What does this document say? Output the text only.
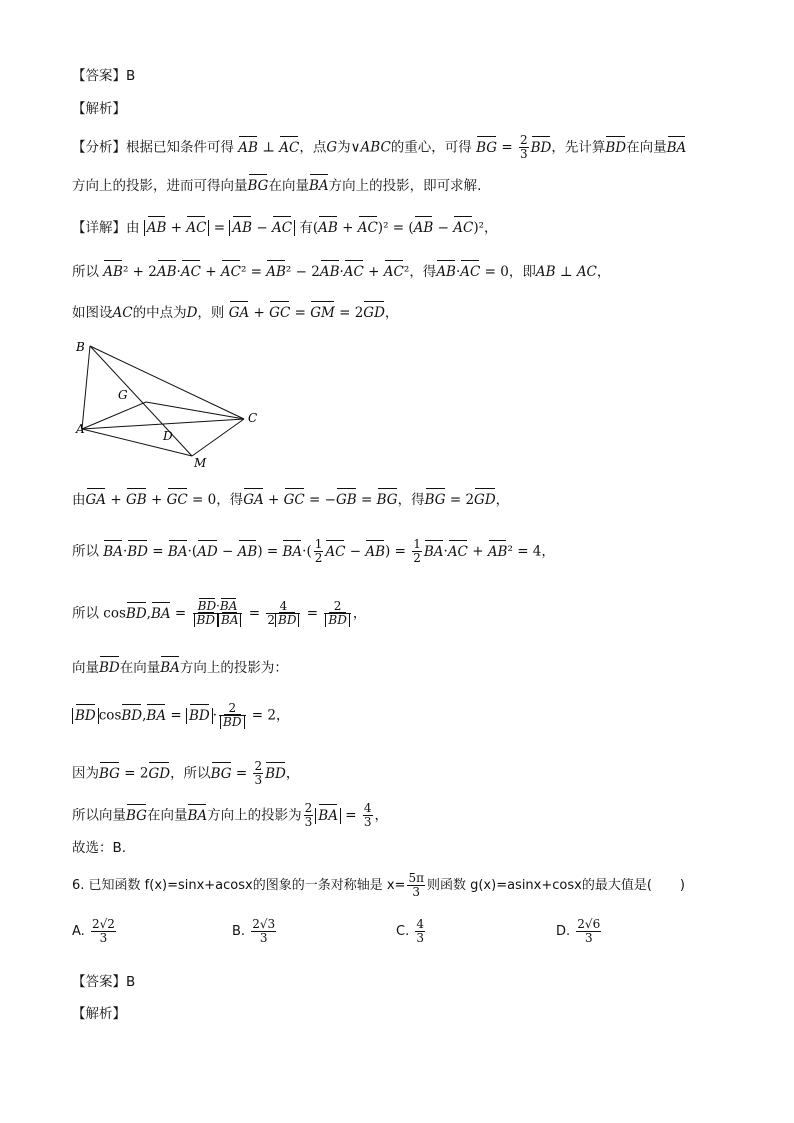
【答案】B
【解析】
【分析】根据已知条件可得 AB ⊥ AC，点G为∨ABC的重心，可得 BG = $\frac{2}{3}$ BD，先计算BD在向量BA
方向上的投影，进而可得向量BG在向量BA方向上的投影，即可求解.
【详解】由 AB + AC = AB − AC 有(AB + AC)² = (AB − AC)²，
所以 AB² + 2AB·AC + AC² = AB² − 2AB·AC + AC²，得AB·AC = 0，即AB ⊥ AC，
如图设AC的中点为D，则 GA + GC = GM = 2GD，
B
G
A	D
C
M
由GA + GB + GC = 0，得GA + GC = −GB = BG，得BG = 2GD，
所以 $BA\cdot BD = BA\cdot(AD - AB) = BA\cdot( \frac{1}{2}$ AC − $AB) = \frac{1}{2} BA\cdot AC + AB^2 = 4$，
所以 cosBD,BA = $\frac{BD\cdot BA}{\text{BD BA}} = \frac{4}{2 BD} = \frac{2}{BD}$ ，
向量BD在向量BA方向上的投影为：
BD cosBD,BA = BD · $\frac{2}{BD} = 2$，
因为BG = 2GD，所以BG = $\frac{2}{3}$ BD，
所以向量BG在向量BA方向上的投影为 $\frac{2}{3}$ BA = $\frac{4}{3}$ ，
故选：B.
6. 已知函数 f(x)=sinx+acosx的图象的一条对称轴是 $x= \frac{5\pi}{3}$ 则函数 g(x)=asinx+cosx的最大值是( )
A. $\frac{2√2}{3}$	B. $\frac{2√3}{3}$	C. $\frac{4}{3}$	D. $\frac{2√6}{3}$
【答案】B
【解析】
